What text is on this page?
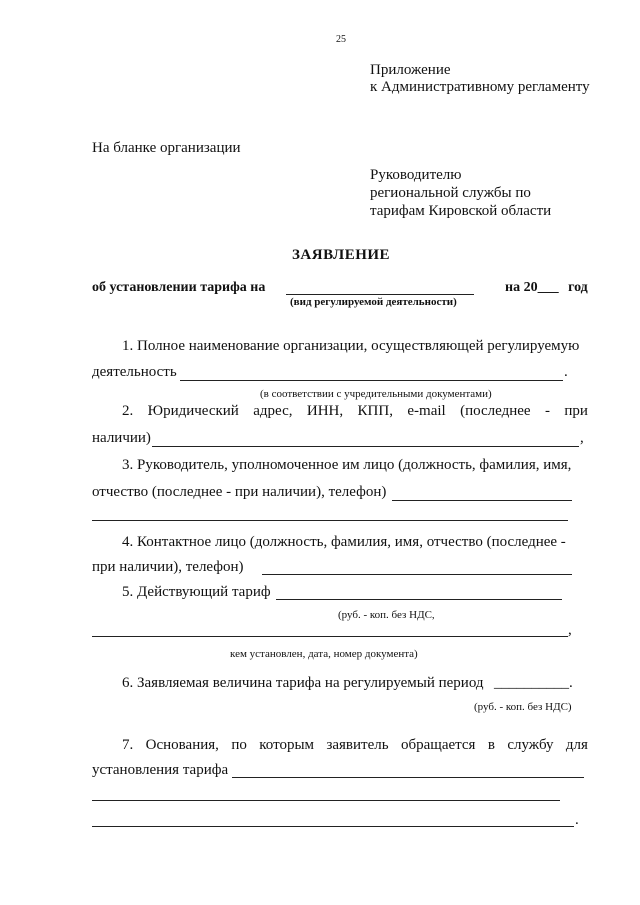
25
Приложение
к Административному регламенту
На бланке организации
Руководителю
региональной службы по
тарифам Кировской области
ЗАЯВЛЕНИЕ
об установлении тарифа на	на 20___ год
(вид регулируемой деятельности)
1. Полное наименование организации, осуществляющей регулируемую
деятельность	.
(в соответствии с учредительными документами)
2. Юридический адрес, ИНН, КПП, e-mail (последнее - при
наличии)	,
3. Руководитель, уполномоченное им лицо (должность, фамилия, имя,
отчество (последнее - при наличии), телефон)
4. Контактное лицо (должность, фамилия, имя, отчество (последнее -
при наличии), телефон)
5. Действующий тариф
(руб. - коп. без НДС,
,
кем установлен, дата, номер документа)
6. Заявляемая величина тарифа на регулируемый период __________.
(руб. - коп. без НДС)
7. Основания, по которым заявитель обращается в службу для
установления тарифа
.
